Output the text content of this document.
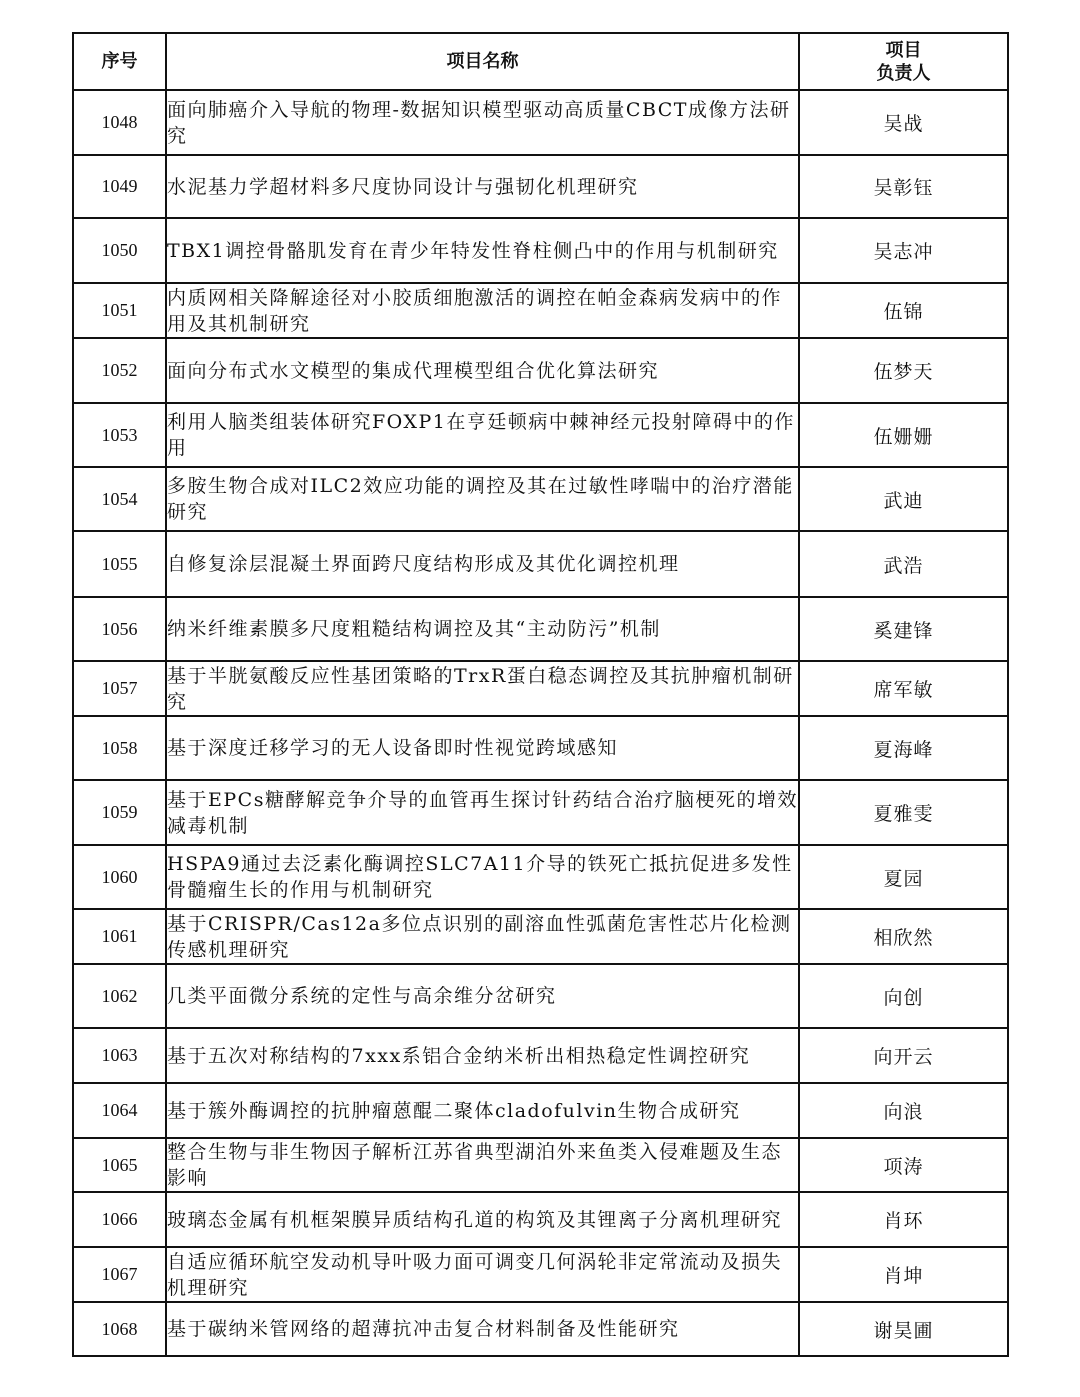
序号	项目名称	项目
负责人

1048	面向肺癌介入导航的物理-数据知识模型驱动高质量CBCT成像方法研究	吴战
1049	水泥基力学超材料多尺度协同设计与强韧化机理研究	吴彰钰
1050	TBX1调控骨骼肌发育在青少年特发性脊柱侧凸中的作用与机制研究	吴志冲
1051	内质网相关降解途径对小胶质细胞激活的调控在帕金森病发病中的作用及其机制研究	伍锦
1052	面向分布式水文模型的集成代理模型组合优化算法研究	伍梦天
1053	利用人脑类组装体研究FOXP1在亨廷顿病中棘神经元投射障碍中的作用	伍姗姗
1054	多胺生物合成对ILC2效应功能的调控及其在过敏性哮喘中的治疗潜能研究	武迪
1055	自修复涂层混凝土界面跨尺度结构形成及其优化调控机理	武浩
1056	纳米纤维素膜多尺度粗糙结构调控及其“主动防污”机制	奚建锋
1057	基于半胱氨酸反应性基团策略的TrxR蛋白稳态调控及其抗肿瘤机制研究	席军敏
1058	基于深度迁移学习的无人设备即时性视觉跨域感知	夏海峰
1059	基于EPCs糖酵解竞争介导的血管再生探讨针药结合治疗脑梗死的增效减毒机制	夏雅雯
1060	HSPA9通过去泛素化酶调控SLC7A11介导的铁死亡抵抗促进多发性骨髓瘤生长的作用与机制研究	夏园
1061	基于CRISPR/Cas12a多位点识别的副溶血性弧菌危害性芯片化检测传感机理研究	相欣然
1062	几类平面微分系统的定性与高余维分岔研究	向创
1063	基于五次对称结构的7xxx系铝合金纳米析出相热稳定性调控研究	向开云
1064	基于簇外酶调控的抗肿瘤蒽醌二聚体cladofulvin生物合成研究	向浪
1065	整合生物与非生物因子解析江苏省典型湖泊外来鱼类入侵难题及生态影响	项涛
1066	玻璃态金属有机框架膜异质结构孔道的构筑及其锂离子分离机理研究	肖环
1067	自适应循环航空发动机导叶吸力面可调变几何涡轮非定常流动及损失机理研究	肖坤
1068	基于碳纳米管网络的超薄抗冲击复合材料制备及性能研究	谢昊圃
